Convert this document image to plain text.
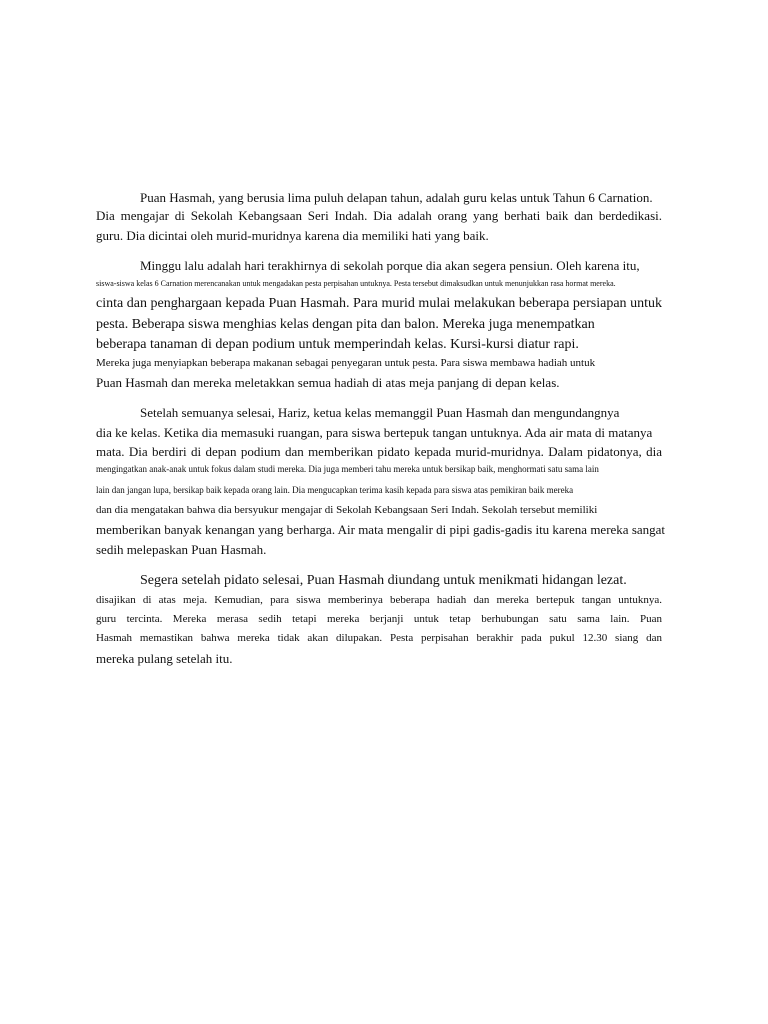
Puan Hasmah, yang berusia lima puluh delapan tahun, adalah guru kelas untuk Tahun 6 Carnation.
Dia mengajar di Sekolah Kebangsaan Seri Indah. Dia adalah orang yang berhati baik dan berdedikasi.
guru. Dia dicintai oleh murid-muridnya karena dia memiliki hati yang baik.
Minggu lalu adalah hari terakhirnya di sekolah porque dia akan segera pensiun. Oleh karena itu,
siswa-siswa kelas 6 Carnation merencanakan untuk mengadakan pesta perpisahan untuknya. Pesta tersebut dimaksudkan untuk menunjukkan rasa hormat mereka.
cinta dan penghargaan kepada Puan Hasmah. Para murid mulai melakukan beberapa persiapan untuk
pesta. Beberapa siswa menghias kelas dengan pita dan balon. Mereka juga menempatkan
beberapa tanaman di depan podium untuk memperindah kelas. Kursi-kursi diatur rapi.
Mereka juga menyiapkan beberapa makanan sebagai penyegaran untuk pesta. Para siswa membawa hadiah untuk
Puan Hasmah dan mereka meletakkan semua hadiah di atas meja panjang di depan kelas.
Setelah semuanya selesai, Hariz, ketua kelas memanggil Puan Hasmah dan mengundangnya
dia ke kelas. Ketika dia memasuki ruangan, para siswa bertepuk tangan untuknya. Ada air mata di matanya
mata. Dia berdiri di depan podium dan memberikan pidato kepada murid-muridnya. Dalam pidatonya, dia
mengingatkan anak-anak untuk fokus dalam studi mereka. Dia juga memberi tahu mereka untuk bersikap baik, menghormati satu sama lain
lain dan jangan lupa, bersikap baik kepada orang lain. Dia mengucapkan terima kasih kepada para siswa atas pemikiran baik mereka
dan dia mengatakan bahwa dia bersyukur mengajar di Sekolah Kebangsaan Seri Indah. Sekolah tersebut memiliki
memberikan banyak kenangan yang berharga. Air mata mengalir di pipi gadis-gadis itu karena mereka sangat
sedih melepaskan Puan Hasmah.
Segera setelah pidato selesai, Puan Hasmah diundang untuk menikmati hidangan lezat.
disajikan di atas meja. Kemudian, para siswa memberinya beberapa hadiah dan mereka bertepuk tangan untuknya.
guru tercinta. Mereka merasa sedih tetapi mereka berjanji untuk tetap berhubungan satu sama lain. Puan
Hasmah memastikan bahwa mereka tidak akan dilupakan. Pesta perpisahan berakhir pada pukul 12.30 siang dan
mereka pulang setelah itu.
